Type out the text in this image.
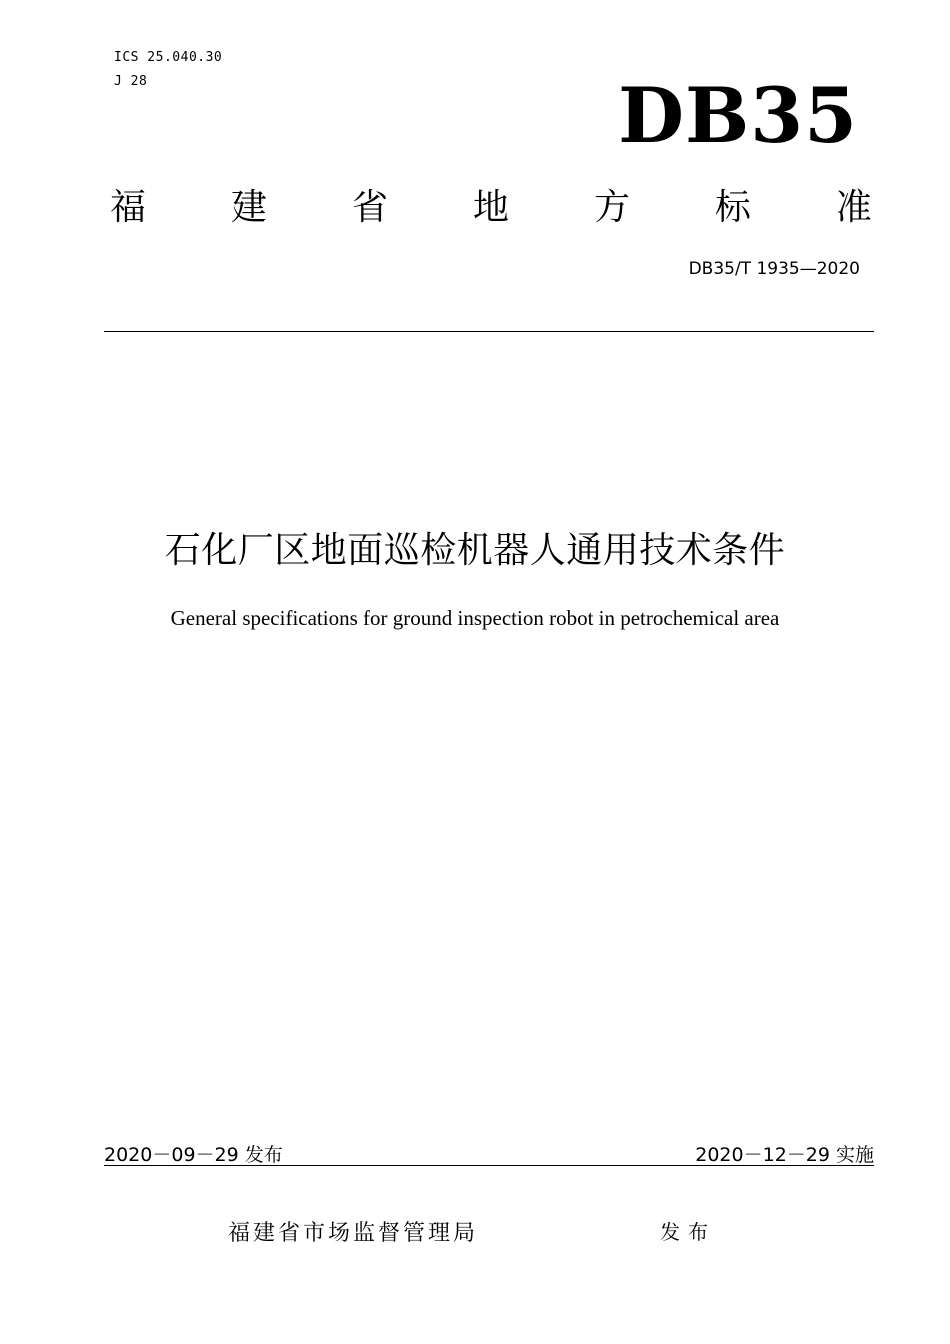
ICS 25.040.30
J 28	DB35
福 建 省 地 方 标 准
DB35/T 1935—2020
石化厂区地面巡检机器人通用技术条件
General specifications for ground inspection robot in petrochemical area
2020－09－29 发布	2020－12－29 实施
福建省市场监督管理局	发布
